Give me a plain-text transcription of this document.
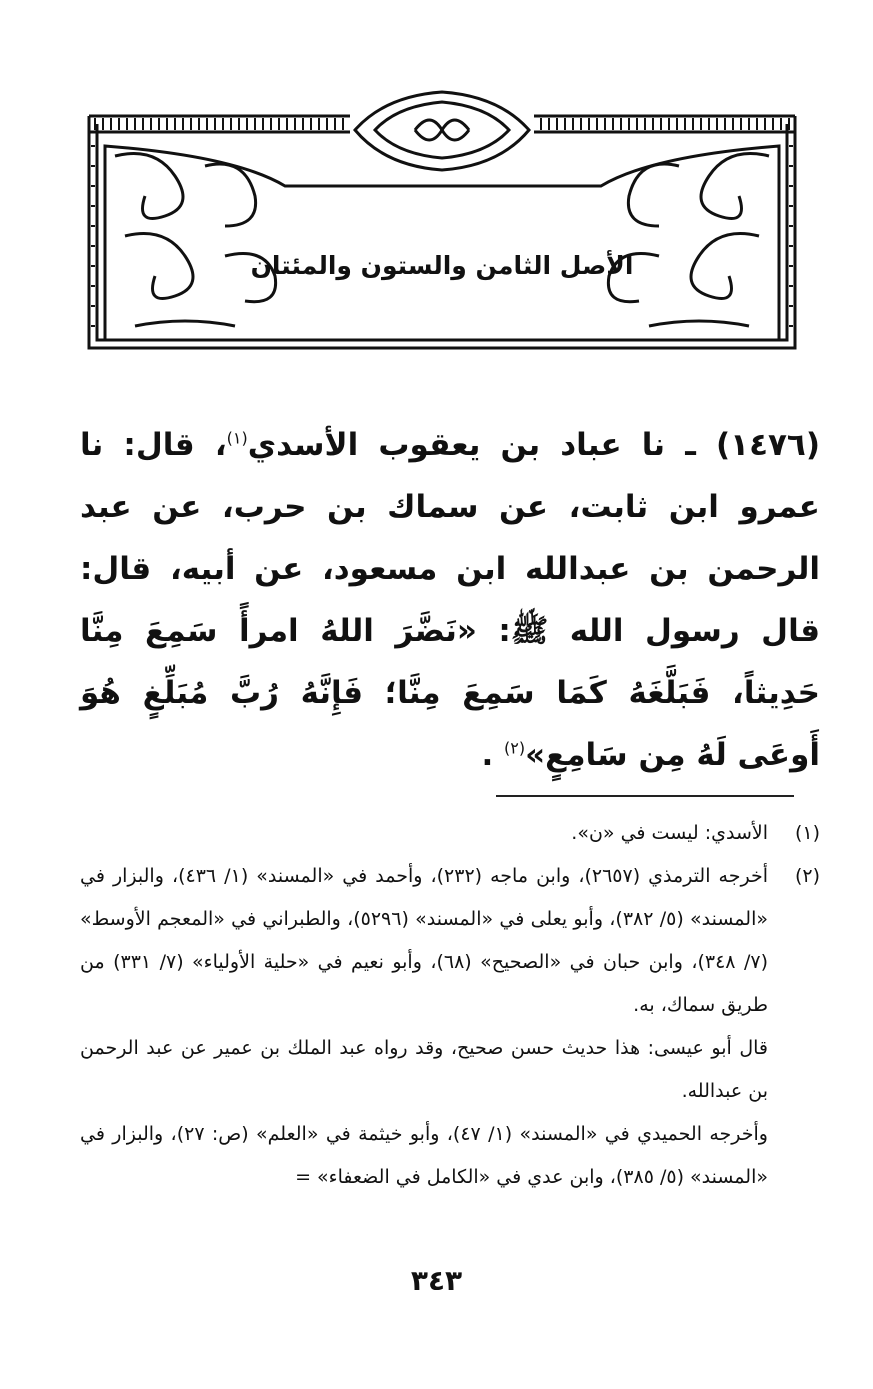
الأصل الثامن والستون والمئتان

(١٤٧٦) ـ نا عباد بن يعقوب الأسدي$^{(١)}$، قال: نا عمرو ابن ثابت، عن سماك بن حرب، عن عبد الرحمن بن عبدالله ابن مسعود، عن أبيه، قال: قال رسول الله ﷺ: «نَضَّرَ اللهُ امرأً سَمِعَ مِنَّا حَدِيثاً، فَبَلَّغَهُ كَمَا سَمِعَ مِنَّا؛ فَإِنَّهُ رُبَّ مُبَلِّغٍ هُوَ أَوعَى لَهُ مِن سَامِعٍ»$^{(٢)}$ .

(١)

الأسدي: ليست في «ن».

(٢)

أخرجه الترمذي (٢٦٥٧)، وابن ماجه (٢٣٢)، وأحمد في «المسند» (١/ ٤٣٦)، والبزار في «المسند» (٥/ ٣٨٢)، وأبو يعلى في «المسند» (٥٢٩٦)، والطبراني في «المعجم الأوسط» (٧/ ٣٤٨)، وابن حبان في «الصحيح» (٦٨)، وأبو نعيم في «حلية الأولياء» (٧/ ٣٣١) من طريق سماك، به.

قال أبو عيسى: هذا حديث حسن صحيح، وقد رواه عبد الملك بن عمير عن عبد الرحمن بن عبدالله.

وأخرجه الحميدي في «المسند» (١/ ٤٧)، وأبو خيثمة في «العلم» (ص: ٢٧)، والبزار في «المسند» (٥/ ٣٨٥)، وابن عدي في «الكامل في الضعفاء» =

٣٤٣
